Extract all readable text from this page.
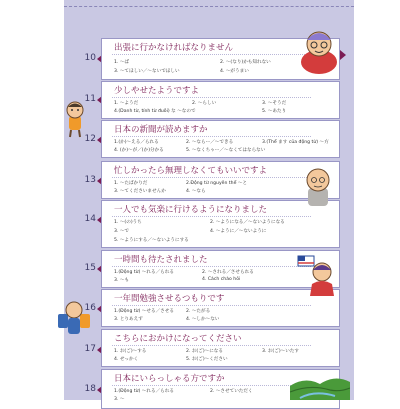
10
出張に行かなければなりません
1. 〜ば	2. 〜(なり)かも知れない
3. 〜てほしい／〜ないでほしい	4. 〜がうまい
11
少しやせたようですよ
1. 〜ようだ	2. 〜らしい	3. 〜そうだ
4.(Danh từ, tính từ đuôi) な 〜なので	5. 〜あたり
12
日本の新聞が読めますか
1.(か)〜える／られる	2. 〜ならー／〜できる	3.(Thể ます của động từ) 〜方
4. (か)〜が／(か)分かる	5. 〜なくちゃー／〜なくてはならない
13
忙しかったら無理しなくてもいいですよ
1. 〜たばかりだ	2.Động từ nguyên thể 〜と
3. 〜てくださいませんか	4. 〜なら
14
一人でも気楽に行けるようになりました
1. 〜(の)うち	2. 〜ようになる／〜ないようになる
3. 〜で	4. 〜ように／〜ないように
5. 〜ようにする／〜ないようにする
15
一時間も待たされました
1.(Động từ) 〜れる／られる	2. 〜される／させられる
3. 〜も	4. Cách chào hỏi
16
一年間勉強させるつもりです
1.(Động từ) 〜せる／させる	2. 〜たがる
3. とりあえず	4. 〜しか〜ない
17
こちらにおかけになってください
1. お(ご)〜する	2. お(ご)〜になる	3. お(ご)〜いたす
4. せっかく	5. お(ご)〜ください
18
日本にいらっしゃる方ですか
1.(Động từ) 〜れる／られる	2. 〜させていただく
3. 〜
